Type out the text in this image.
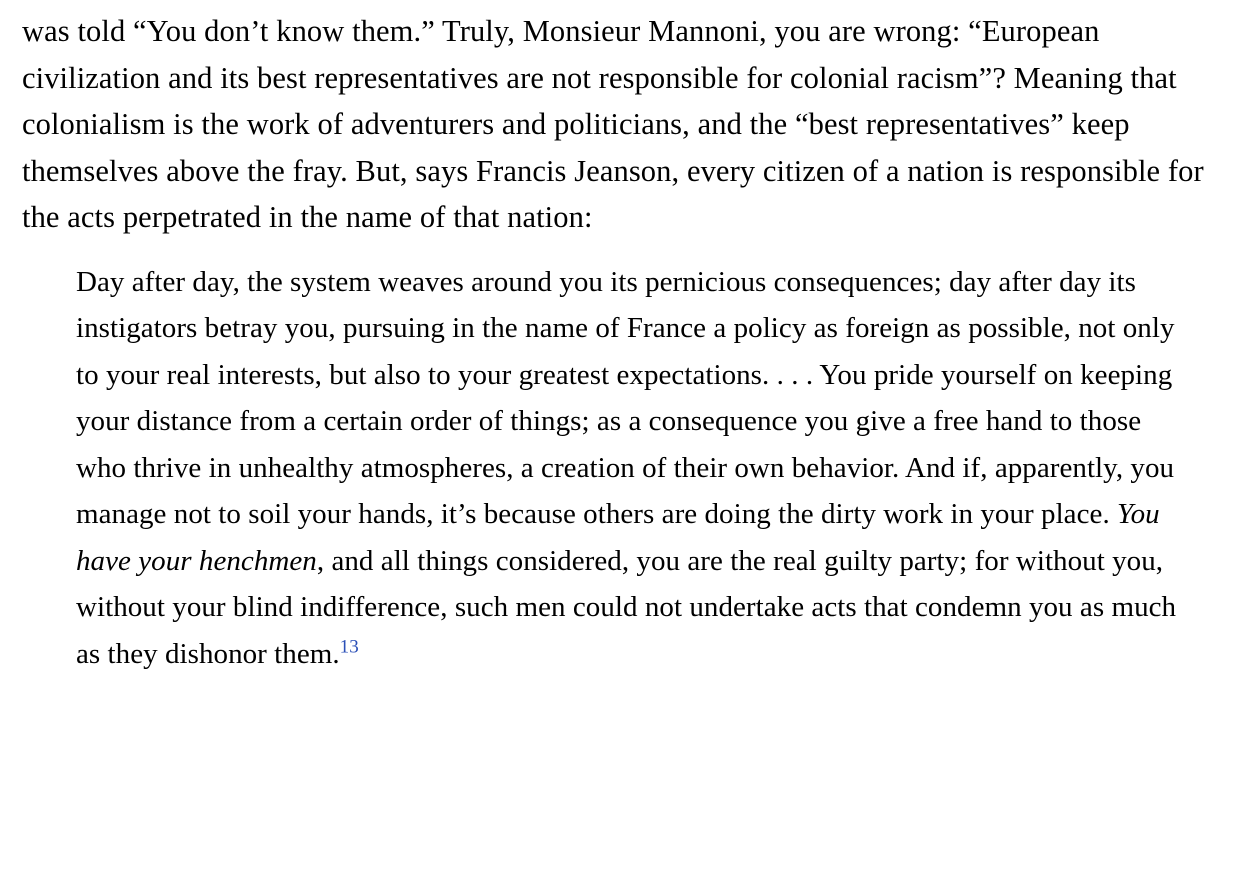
was told “You don’t know them.” Truly, Monsieur Mannoni, you are wrong: “European civilization and its best representatives are not responsible for colonial racism”? Meaning that colonialism is the work of adventurers and politicians, and the “best representatives” keep themselves above the fray. But, says Francis Jeanson, every citizen of a nation is responsible for the acts perpetrated in the name of that nation:

Day after day, the system weaves around you its pernicious consequences; day after day its instigators betray you, pursuing in the name of France a policy as foreign as possible, not only to your real interests, but also to your greatest expectations. . . . You pride yourself on keeping your distance from a certain order of things; as a consequence you give a free hand to those who thrive in unhealthy atmospheres, a creation of their own behavior. And if, apparently, you manage not to soil your hands, it’s because others are doing the dirty work in your place. You have your henchmen, and all things considered, you are the real guilty party; for without you, without your blind indifference, such men could not undertake acts that condemn you as much as they dishonor them.$^{13}$
